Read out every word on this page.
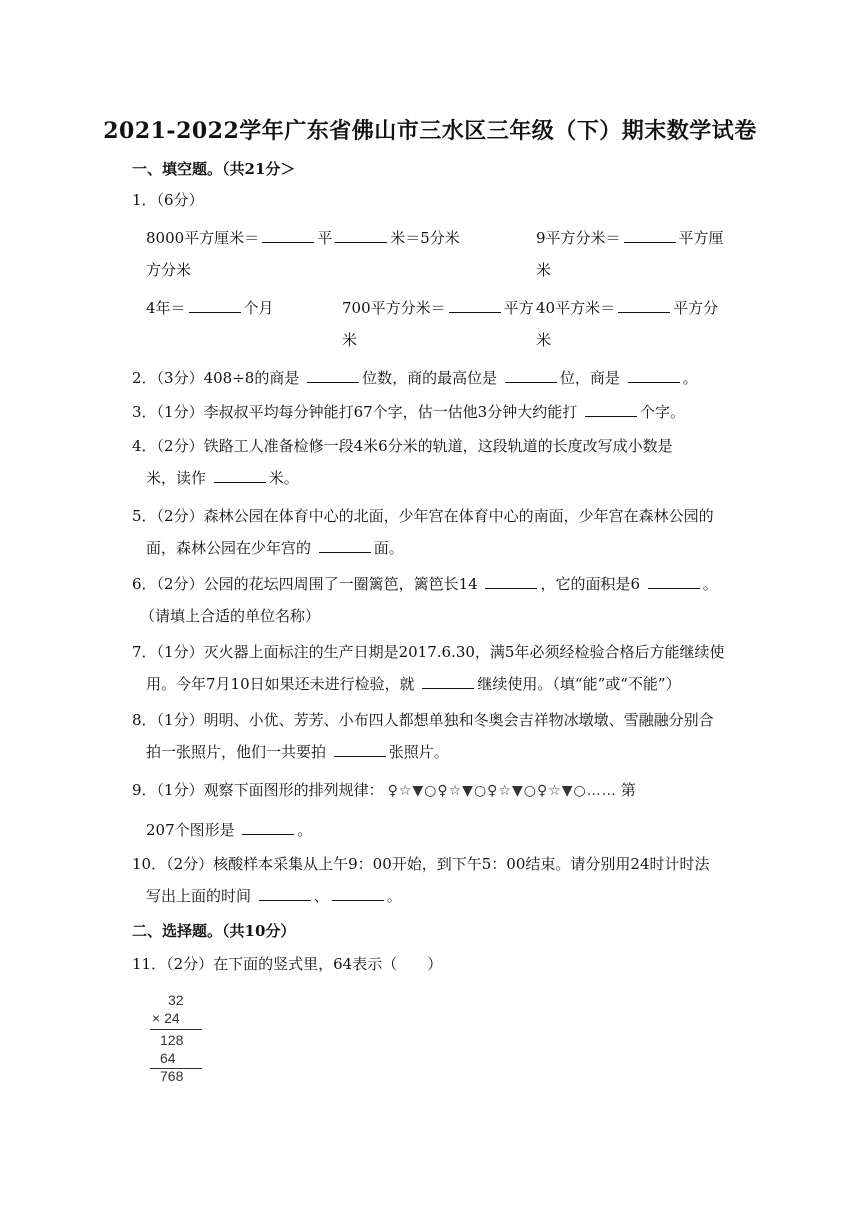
2021-2022学年广东省佛山市三水区三年级（下）期末数学试卷
一、填空题。（共21分＞
1．（6分）
8000平方厘米＝	平	米＝5分米
方分米
9平方分米＝	平方厘
米
4年＝	个月	700平方分米＝	平方
米
40平方米＝	平方分
米
2．（3分）408÷8的商是	位数，商的最高位是	位，商是	。
3．（1分）李叔叔平均每分钟能打67个字，估一估他3分钟大约能打	个字。
4．（2分）铁路工人准备检修一段4米6分米的轨道，这段轨道的长度改写成小数是
米，读作	米。
5．（2分）森林公园在体育中心的北面，少年宫在体育中心的南面，少年宫在森林公园的
面，森林公园在少年宫的	面。
6．（2分）公园的花坛四周围了一圈篱笆，篱笆长14	，它的面积是6	。
（请填上合适的单位名称）
7．（1分）灭火器上面标注的生产日期是2017.6.30，满5年必须经检验合格后方能继续使
用。今年7月10日如果还未进行检验，就	继续使用。（填“能”或“不能”）
8．（1分）明明、小优、芳芳、小布四人都想单独和冬奥会吉祥物冰墩墩、雪融融分别合
拍一张照片，他们一共要拍	张照片。
9．（1分）观察下面图形的排列规律： ♀☆▼○♀☆▼○♀☆▼○♀☆▼○…… 第
207个图形是	。
10．（2分）核酸样本采集从上午9：00开始，到下午5：00结束。请分别用24时计时法
写出上面的时间	、	。
二、选择题。（共10分）
11．（2分）在下面的竖式里，64表示（　　）
32
× 24
128
64
768
